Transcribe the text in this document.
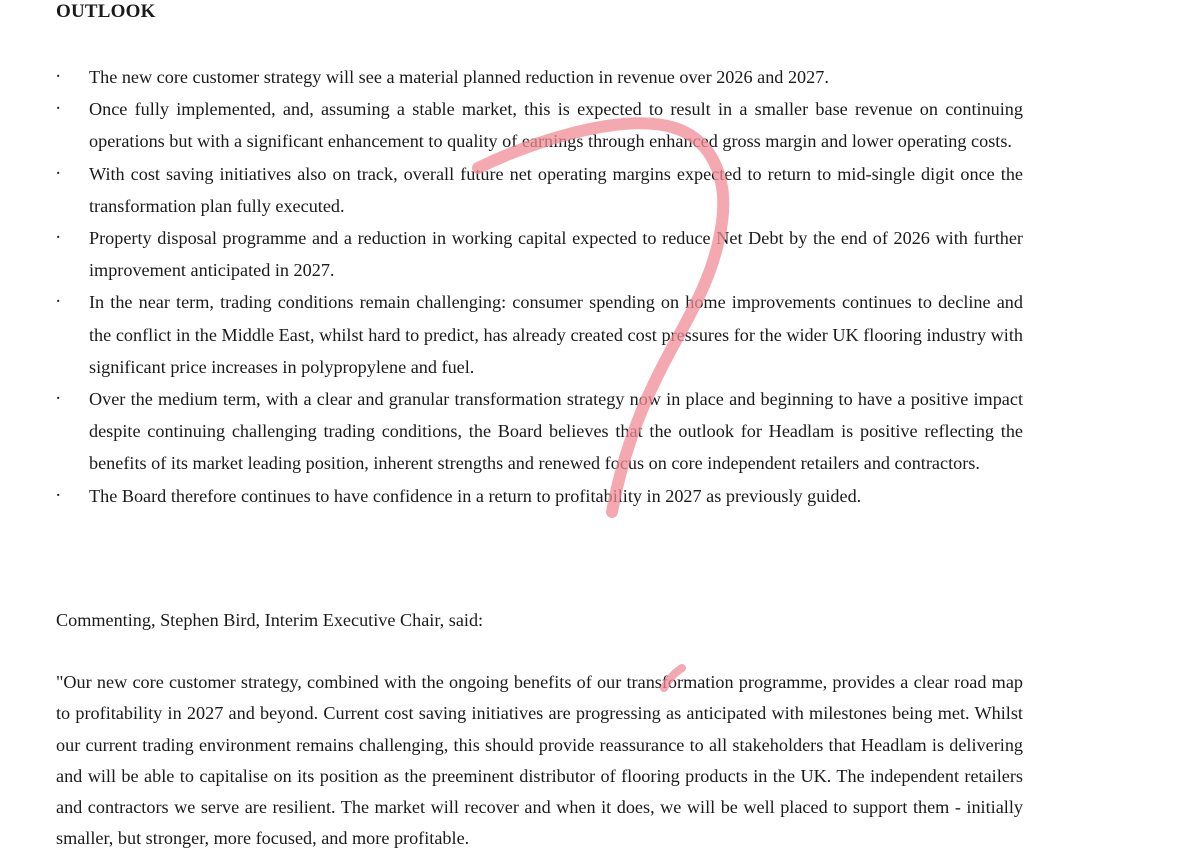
OUTLOOK
· The new core customer strategy will see a material planned reduction in revenue over 2026 and 2027.
· Once fully implemented, and, assuming a stable market, this is expected to result in a smaller base revenue on continuing operations but with a significant enhancement to quality of earnings through enhanced gross margin and lower operating costs.
· With cost saving initiatives also on track, overall future net operating margins expected to return to mid-single digit once the transformation plan fully executed.
· Property disposal programme and a reduction in working capital expected to reduce Net Debt by the end of 2026 with further improvement anticipated in 2027.
· In the near term, trading conditions remain challenging: consumer spending on home improvements continues to decline and the conflict in the Middle East, whilst hard to predict, has already created cost pressures for the wider UK flooring industry with significant price increases in polypropylene and fuel.
· Over the medium term, with a clear and granular transformation strategy now in place and beginning to have a positive impact despite continuing challenging trading conditions, the Board believes that the outlook for Headlam is positive reflecting the benefits of its market leading position, inherent strengths and renewed focus on core independent retailers and contractors.
· The Board therefore continues to have confidence in a return to profitability in 2027 as previously guided.
Commenting, Stephen Bird, Interim Executive Chair, said:
"Our new core customer strategy, combined with the ongoing benefits of our transformation programme, provides a clear road map to profitability in 2027 and beyond. Current cost saving initiatives are progressing as anticipated with milestones being met. Whilst our current trading environment remains challenging, this should provide reassurance to all stakeholders that Headlam is delivering and will be able to capitalise on its position as the preeminent distributor of flooring products in the UK. The independent retailers and contractors we serve are resilient. The market will recover and when it does, we will be well placed to support them - initially smaller, but stronger, more focused, and more profitable.
